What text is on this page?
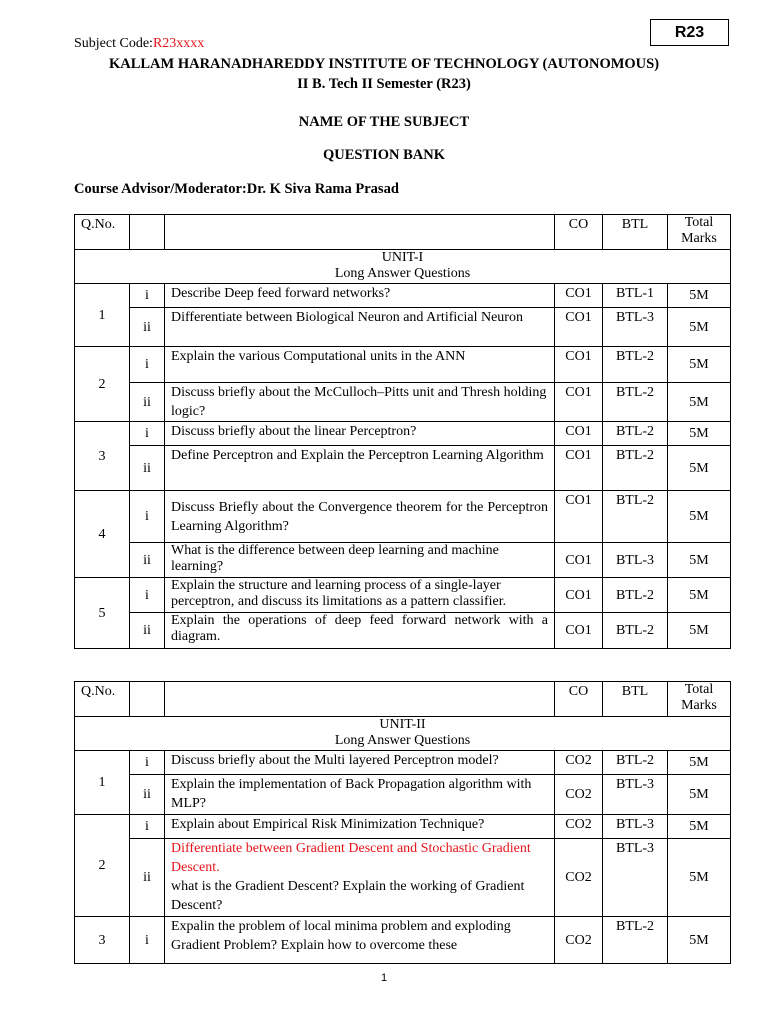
Subject Code:R23xxxx
R23
KALLAM HARANADHAREDDY INSTITUTE OF TECHNOLOGY (AUTONOMOUS)
II B. Tech II Semester (R23)
NAME OF THE SUBJECT
QUESTION BANK
Course Advisor/Moderator:Dr. K Siva Rama Prasad
Q.No.			CO	BTL	Total
Marks
UNIT-I
Long Answer Questions					
1	i	Describe Deep feed forward networks?	CO1	BTL-1	5M
	ii	Differentiate between Biological Neuron and Artificial Neuron	CO1	BTL-3	5M
2	i	Explain the various Computational units in the ANN	CO1	BTL-2	5M
	ii	Discuss briefly about the McCulloch–Pitts unit and Thresh holding logic?	CO1	BTL-2	5M
3	i	Discuss briefly about the linear Perceptron?	CO1	BTL-2	5M
	ii	Define Perceptron and Explain the Perceptron Learning Algorithm	CO1	BTL-2	5M
4	i	Discuss Briefly about the Convergence theorem for the Perceptron Learning Algorithm?	CO1	BTL-2	5M
	ii	What is the difference between deep learning and machine learning?	CO1	BTL-3	5M
5	i	Explain the structure and learning process of a single-layer perceptron, and discuss its limitations as a pattern classifier.	CO1	BTL-2	5M
	ii	Explain the operations of deep feed forward network with a diagram.	CO1	BTL-2	5M
Q.No.			CO	BTL	Total
Marks
UNIT-II
Long Answer Questions					
1	i	Discuss briefly about the Multi layered Perceptron model?	CO2	BTL-2	5M
	ii	Explain the implementation of Back Propagation algorithm with MLP?	CO2	BTL-3	5M
2	i	Explain about Empirical Risk Minimization Technique?	CO2	BTL-3	5M
	ii	Differentiate between Gradient Descent and Stochastic Gradient Descent.
what is the Gradient Descent? Explain the working of Gradient Descent?	CO2	BTL-3	5M
3	i	Expalin the problem of local minima problem and exploding Gradient Problem? Explain how to overcome these	CO2	BTL-2	5M
1
